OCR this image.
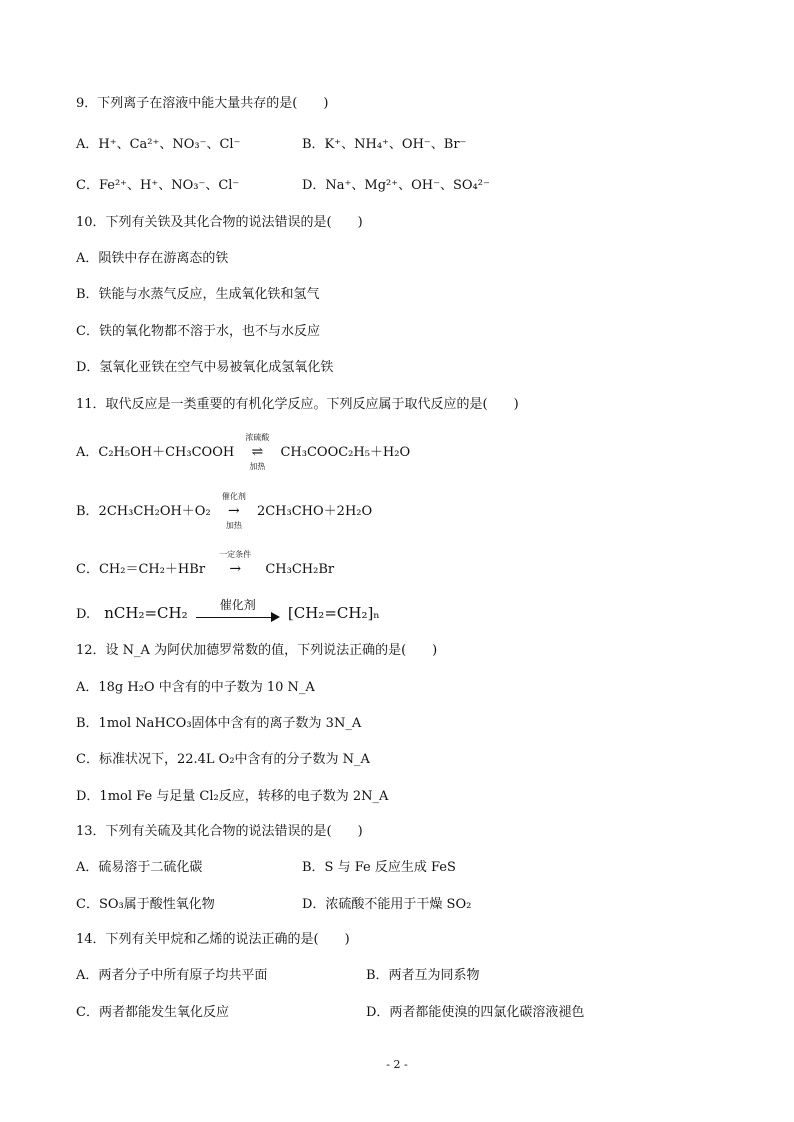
9．下列离子在溶液中能大量共存的是(　　)
A．H⁺、Ca²⁺、NO₃⁻、Cl⁻	B．K⁺、NH₄⁺、OH⁻、Br⁻
C．Fe²⁺、H⁺、NO₃⁻、Cl⁻	D．Na⁺、Mg²⁺、OH⁻、SO₄²⁻
10．下列有关铁及其化合物的说法错误的是(　　)
A．陨铁中存在游离态的铁
B．铁能与水蒸气反应，生成氧化铁和氢气
C．铁的氧化物都不溶于水，也不与水反应
D．氢氧化亚铁在空气中易被氧化成氢氧化铁
11．取代反应是一类重要的有机化学反应。下列反应属于取代反应的是(　　)
A．C₂H₅OH＋CH₃COOH
浓硫酸
⇌
加热
CH₃COOC₂H₅＋H₂O
B．2CH₃CH₂OH＋O₂
催化剂
→
加热
2CH₃CHO＋2H₂O
C．CH₂＝CH₂＋HBr
一定条件
→ CH₃CH₂Br
D. nCH₂=CH₂	催化剂	[CH₂=CH₂]ₙ
12．设 N_A 为阿伏加德罗常数的值，下列说法正确的是(　　)
A．18g H₂O 中含有的中子数为 10 N_A
B．1mol NaHCO₃固体中含有的离子数为 3N_A
C．标准状况下，22.4L O₂中含有的分子数为 N_A
D．1mol Fe 与足量 Cl₂反应，转移的电子数为 2N_A
13．下列有关硫及其化合物的说法错误的是(　　)
A．硫易溶于二硫化碳	B．S 与 Fe 反应生成 FeS
C．SO₃属于酸性氧化物	D．浓硫酸不能用于干燥 SO₂
14．下列有关甲烷和乙烯的说法正确的是(　　)
A．两者分子中所有原子均共平面	B．两者互为同系物
C．两者都能发生氧化反应	D．两者都能使溴的四氯化碳溶液褪色
- 2 -
